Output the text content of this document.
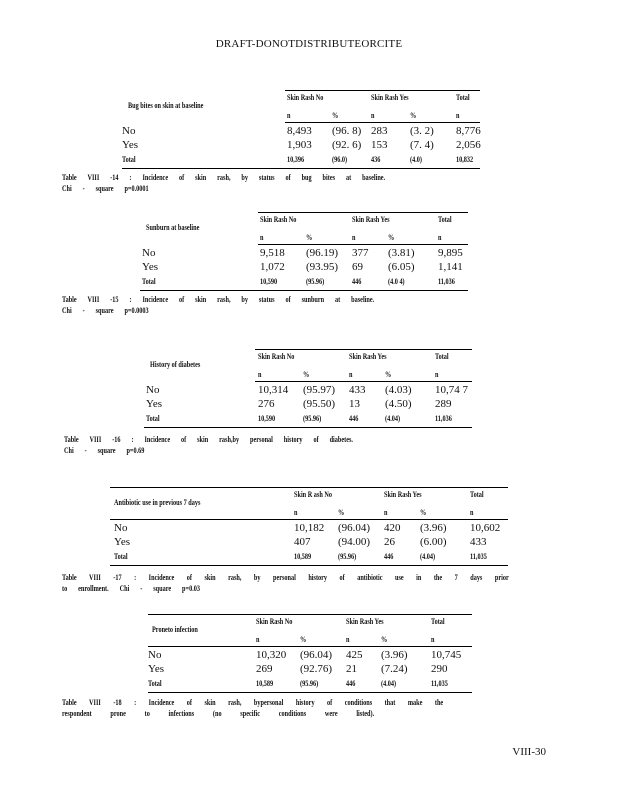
DRAFT-DONOTDISTRIBUTEORCITE
Skin Rash No	Skin Rash Yes	Total
Bug bites on skin at baseline
n	%	n	%	n
No	8,493 (96. 8) 283 (3. 2) 8,776
Yes	1,903 (92. 6) 153 (7. 4) 2,056
Total	10,396	(96.0)	436	(4.0)	10,832
Table VIII -14 : Incidence of skin rash, by status of bug bites at baseline.
Chi - square p=0.0001
Skin Rash No	Skin Rash Yes	Total
Sunburn at baseline
n	%	n	%	n
No	9,518 (96.19) 377 (3.81) 9,895
Yes	1,072 (93.95) 69 (6.05) 1,141
Total	10,590	(95.96)	446	(4.0 4)	11,036
Table VIII -15 : Incidence of skin rash, by status of sunburn at baseline.
Chi - square p=0.0003
Skin Rash No	Skin Rash Yes	Total
History of diabetes
n	%	n	%	n
No	10,314 (95.97) 433 (4.03) 10,74 7
Yes	276	(95.50) 13 (4.50) 289
Total	10,590	(95.96)	446	(4.04)	11,036
Table VIII -16 : Incidence of skin rash,by personal history of diabetes.
Chi - square p=0.69
Skin R ash No	Skin Rash Yes	Total
Antibiotic use in previous 7 days
n	%	n	%	n
No	10,182 (96.04) 420 (3.96) 10,602
Yes	407	(94.00) 26 (6.00) 433
Total	10,589	(95.96)	446	(4.04)	11,035
Table VIII -17 : Incidence of skin rash, by personal history of antibiotic use in the 7 days prior
to enrollment. Chi - square p=0.03
Skin Rash No	Skin Rash Yes	Total
Proneto infection
n	%	n	%	n
No	10,320 (96.04) 425 (3.96) 10,745
Yes	269	(92.76) 21 (7.24) 290
Total	10,589	(95.96)	446	(4.04)	11,035
Table VIII -18 : Incidence of skin rash, bypersonal history of conditions that make the
respondent prone to infections (no specific conditions were listed).
VIII-30
